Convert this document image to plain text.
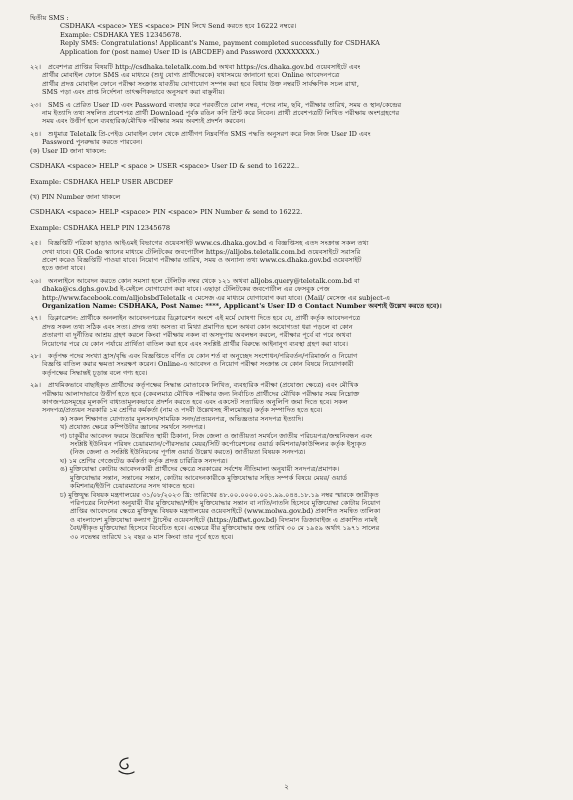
দ্বিতীয় SMS :
CSDHAKA <space> YES <space> PIN লিখে Send করতে হবে 16222 নম্বরে।
Example: CSDHAKA YES 12345678.
Reply SMS: Congratulations! Applicant's Name, payment completed successfully for CSDHAKA
Application for (post name) User ID is (ABCDEF) and Password (XXXXXXXX.)
২২। প্রবেশপত্র প্রাপ্তির বিষয়টি http://csdhaka.teletalk.com.bd অথবা https://cs.dhaka.gov.bd ওয়েবসাইটে এবং
প্রার্থীর মোবাইল ফোনে SMS এর মাধ্যমে (শুধু যোগ্য প্রার্থীদেরকে) যথাসময়ে জানানো হবে। Online আবেদনপত্রে
প্রার্থীর প্রদত্ত মোবাইল ফোনে পরীক্ষা সংক্রান্ত যাবতীয় যোগাযোগ সম্পন্ন করা হবে বিধায় উক্ত নম্বরটি সার্বক্ষণিক সচল রাখা,
SMS পড়া এবং প্রাপ্ত নির্দেশনা তাৎক্ষণিকভাবে অনুসরণ করা বাঞ্ছনীয়।
২৩। SMS এ প্রেরিত User ID এবং Password ব্যবহার করে পরবর্তীতে রোল নম্বর, পদের নাম, ছবি, পরীক্ষার তারিখ, সময় ও স্থান/কেন্দ্রের
নাম ইত্যাদি তথ্য সম্বলিত প্রবেশপত্র প্রার্থী Download পূর্বক রঙিন কপি প্রিন্ট করে নিবেন। প্রার্থী প্রবেশপত্রটি লিখিত পরীক্ষায় অংশগ্রহণের
সময় এবং উত্তীর্ণ হলে ব্যবহারিক/মৌখিক পরীক্ষার সময় অবশ্যই প্রদর্শন করবেন।
২৪। শুধুমাত্র Teletalk প্রি-পেইড মোবাইল ফোন থেকে প্রার্থীগণ নিম্নবর্ণিত SMS পদ্ধতি অনুসরণ করে নিজ নিজ User ID এবং
Password পুনরুদ্ধার করতে পারবেন।
(ক) User ID জানা থাকলে:
CSDHAKA <space> HELP < space > USER <space> User ID & send to 16222..
Example: CSDHAKA HELP USER ABCDEF
(খ) PIN Number জানা থাকলে
CSDHAKA <space> HELP <space> PIN <space> PIN Number & send to 16222.
Example: CSDHAKA HELP PIN 12345678
২৫। বিজ্ঞপ্তিটি পত্রিকা ছাড়াও আইএমই বিভাগের ওয়েবসাইট www.cs.dhaka.gov.bd এ বিজ্ঞপ্তিসহ এতদ সংক্রান্ত সকল তথ্য
দেখা যাবে। QR Code স্ক্যানের মাধ্যমে টেলিটকের জবপোর্টাল https://alljobs.teletalk.com.bd ওয়েবসাইটে সরাসরি
প্রবেশ করেও বিজ্ঞপ্তিটি পাওয়া যাবে। নিয়োগ পরীক্ষার তারিখ, সময় ও অন্যান্য তথ্য www.cs.dhaka.gov.bd ওয়েবসাইট
হতে জানা যাবে।
২৬। অনলাইনে আবেদন করতে কোন সমস্যা হলে টেলিটক নম্বর থেকে ১২১ অথবা alljobs.query@teletalk.com.bd বা
dhaka@cs.dghs.gov.bd ই-মেইলে যোগাযোগ করা যাবে। এছাড়া টেলিটকের জবপোর্টাল এর ফেসবুক পেজ
http://www.facebook.com/alljobsbdTeletalk এ মেসেজ এর মাধ্যমে যোগাযোগ করা যাবে। (Mail/ মেসেজ এর subject-এ
Organization Name: CSDHAKA, Post Name: ****, Applicant's User ID ও Contact Number অবশ্যই উল্লেখ করতে হবে)।
২৭। ডিক্লারেশন: প্রার্থীকে অনলাইন আবেদনপত্রের ডিক্লারেশন অংশে এই মর্মে ঘোষণা দিতে হবে যে, প্রার্থী কর্তৃক আবেদনপত্রে
প্রদত্ত সকল তথ্য সঠিক এবং সত্য। প্রদত্ত তথ্য অসত্য বা মিথ্যা প্রমাণিত হলে অথবা কোন অযোগ্যতা ধরা পড়লে বা কোন
প্রতারণা বা দুর্নীতির আশ্রয় গ্রহণ করলে কিংবা পরীক্ষায় নকল বা অসদুপায় অবলম্বন করলে, পরীক্ষার পূর্বে বা পরে অথবা
নিয়োগের পরে যে কোন পর্যায়ে প্রার্থিতা বাতিল করা হবে এবং সংশ্লিষ্ট প্রার্থীর বিরুদ্ধে আইনানুগ ব্যবস্থা গ্রহণ করা যাবে।
২৮। কর্তৃপক্ষ পদের সংখ্যা হ্রাস/বৃদ্ধি এবং বিজ্ঞপ্তিতে বর্ণিত যে কোন শর্ত বা অনুচ্ছেদ সংশোধন/পরিবর্তন/পরিমার্জন ও নিয়োগ
বিজ্ঞপ্তি বাতিল করার ক্ষমতা সংরক্ষণ করেন। Online-এ আবেদন ও নিয়োগ পরীক্ষা সংক্রান্ত যে কোন বিষয়ে নিয়োগকারী
কর্তৃপক্ষের সিদ্ধান্তই চূড়ান্ত বলে গণ্য হবে।
২৯। প্রাথমিকভাবে বাছাইকৃত প্রার্থীদের কর্তৃপক্ষের সিদ্ধান্ত মোতাবেক লিখিত, ব্যবহারিক পরীক্ষা (প্রযোজ্য ক্ষেত্রে) এবং মৌখিক
পরীক্ষায় আলাদাভাবে উত্তীর্ণ হতে হবে (কেবলমাত্র মৌখিক পরীক্ষার জন্য নির্বাচিত প্রার্থীদের মৌখিক পরীক্ষার সময় নিম্নোক্ত
কাগজপত্রসমূহের মূলকপি বাধ্যতামূলকভাবে প্রদর্শন করতে হবে এবং একসেট সত্যায়িত অনুলিপি জমা দিতে হবে। সকল
সনদপত্র/প্রত্যয়ন সরকারি ১ম শ্রেণির কর্মকর্তা (নাম ও পদবী উল্লেখসহ সীলমোহর) কর্তৃক সম্পাদিত হতে হবে।
ক) সকল শিক্ষাগত যোগ্যতার মূলসনদ/সাময়িক সনদ/প্রত্যয়নপত্র, অভিজ্ঞতার সনদপত্র ইত্যাদি।
খ) প্রযোজ্য ক্ষেত্রে কম্পিউটার জ্ঞানের সমর্থনে সনদপত্র।
গ) চাকুরীর আবেদন ফরমে উল্লেখিত স্থায়ী ঠিকানা, নিজ জেলা ও জাতীয়তা সমর্থনে জাতীয় পরিচয়পত্র/জন্মনিবন্ধন এবং
সংশ্লিষ্ট ইউনিয়ন পরিষদ চেয়ারম্যান/পৌরসভার মেয়র/সিটি কর্পোরেশনের ওয়ার্ড কমিশনার/কাউন্সিলর কর্তৃক ইস্যুকৃত
(নিজ জেলা ও সংশ্লিষ্ট ইউনিয়নের পূর্ণাঙ্গ ওয়ার্ড উল্লেখ করতে) জাতীয়তা বিষয়ক সনদপত্র।
ঘ) ১ম শ্রেণির গেজেটেড কর্মকর্তা কর্তৃক প্রদত্ত চারিত্রিক সনদপত্র।
ঙ) মুক্তিযোদ্ধা কোটায় আবেদনকারী প্রার্থীদের ক্ষেত্রে সরকারের সর্বশেষ নীতিমালা অনুযায়ী সনদপত্র/প্রমাণক।
মুক্তিযোদ্ধার সন্তান, সন্তানের সন্তান, কোটায় আবেদনকারীকে মুক্তিযোদ্ধার সহিত সম্পর্ক বিষয়ে মেয়র/ ওয়ার্ড
কমিশনার/ইউপি চেয়ারম্যানের সনদ থাকতে হবে।
চ) মুক্তিযুদ্ধ বিষয়ক মন্ত্রণালয়ের ৩১/০৮/২০২৩ খ্রি: তারিখের ৪৮.০০.০০০০.০০১.৯৯.০৪৪.১৮.১৯ নম্বর স্মারকে জারীকৃত
পরিপত্রের নির্দেশনা অনুযায়ী বীর মুক্তিযোদ্ধা/শহীদ মুক্তিযোদ্ধার সন্তান বা নাতি/নাতনি হিসেবে মুক্তিযোদ্ধা কোটায় নিয়োগ
প্রাপ্তির আবেদনের ক্ষেত্রে মুক্তিযুদ্ধ বিষয়ক মন্ত্রণালয়ের ওয়েবসাইটে (www.molwa.gov.bd) প্রকাশিত সমন্বিত তালিকা
ও বাংলাদেশ মুক্তিযোদ্ধা কল্যাণ ট্রাস্টের ওয়েবসাইটে (https://bffwt.gov.bd) বিদ্যমান ডিজাবাইজ এ প্রকাশিত নামই
বৈধ/স্বীকৃত মুক্তিযোদ্ধা হিসেবে বিবেচিত হবে। এক্ষেত্রে বীর মুক্তিযোদ্ধার জন্ম তারিখ ৩০ মে ১৯৫৯ অর্থাৎ ১৯৭১ সালের
৩০ নভেম্বর তারিখে ১২ বছর ৬ মাস কিংবা তার পূর্বে হতে হবে।
২
